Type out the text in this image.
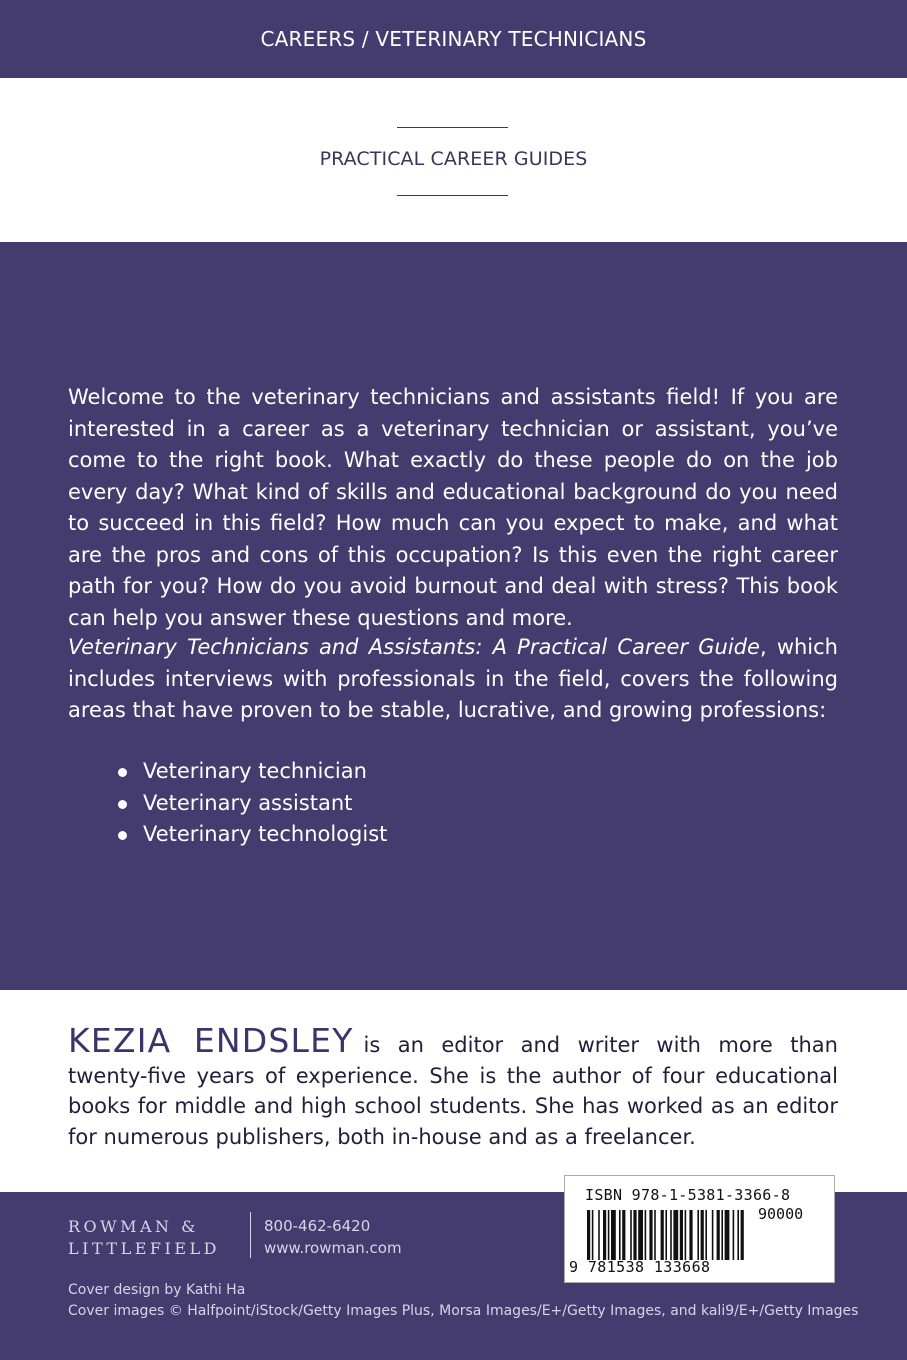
CAREERS / VETERINARY TECHNICIANS
PRACTICAL CAREER GUIDES

Welcome to the veterinary technicians and assistants field! If you are interested in a career as a veterinary technician or assistant, you’ve come to the right book. What exactly do these people do on the job every day? What kind of skills and educational background do you need to succeed in this field? How much can you expect to make, and what are the pros and cons of this occupation? Is this even the right career path for you? How do you avoid burnout and deal with stress? This book can help you answer these questions and more.

Veterinary Technicians and Assistants: A Practical Career Guide, which includes interviews with professionals in the field, covers the following areas that have proven to be stable, lucrative, and growing professions:

Veterinary technician
Veterinary assistant
Veterinary technologist

KEZIA ENDSLEY is an editor and writer with more than twenty-five years of experience. She is the author of four educational books for middle and high school students. She has worked as an editor for numerous publishers, both in-house and as a freelancer.

ROWMAN &
LITTLEFIELD
800-462-6420
www.rowman.com
ISBN 978-1-5381-3366-8
90000
9 781538 133668
Cover design by Kathi Ha
Cover images © Halfpoint/iStock/Getty Images Plus, Morsa Images/E+/Getty Images, and kali9/E+/Getty Images
